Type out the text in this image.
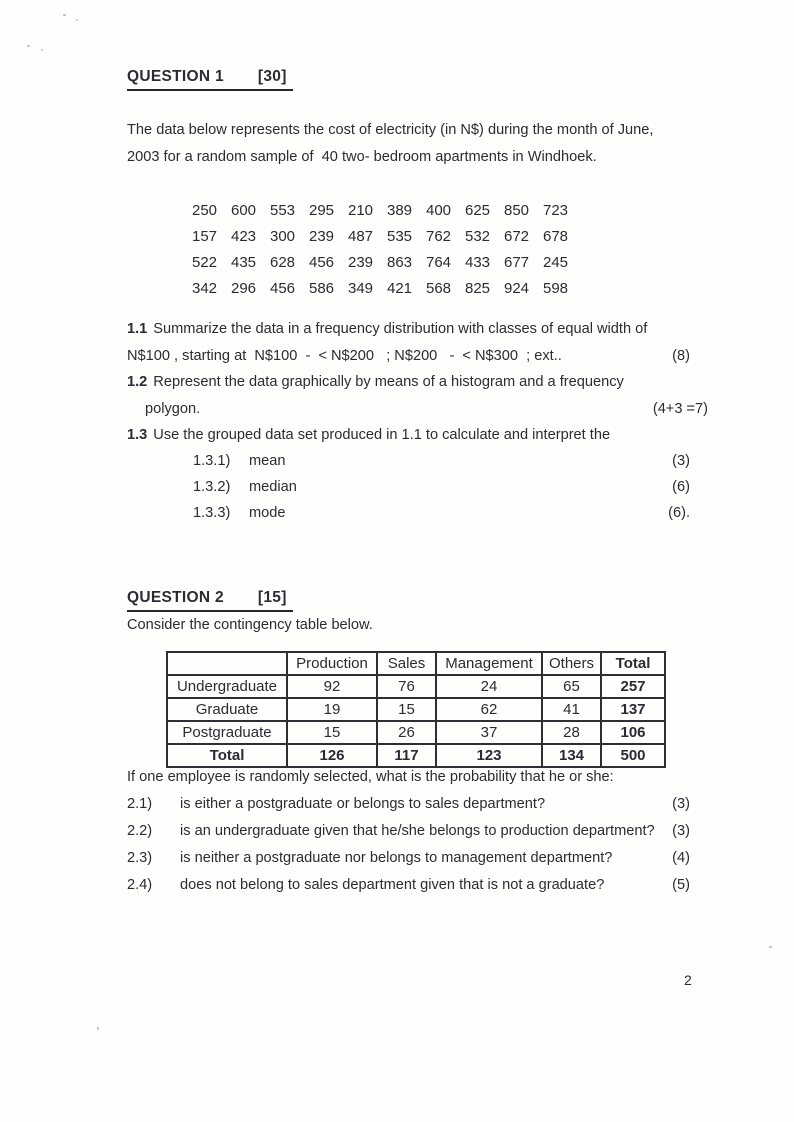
QUESTION 1 [30]
The data below represents the cost of electricity (in N$) during the month of June,
2003 for a random sample of  40 two- bedroom apartments in Windhoek.
250 600 553 295 210 389 400 625 850 723
157 423 300 239 487 535 762 532 672 678
522 435 628 456 239 863 764 433 677 245
342 296 456 586 349 421 568 825 924 598
1.1 Summarize the data in a frequency distribution with classes of equal width of
N$100 , starting at  N$100  -  < N$200   ; N$200   -  < N$300  ; ext..	(8)
1.2 Represent the data graphically by means of a histogram and a frequency
polygon.	(4+3 =7)
1.3 Use the grouped data set produced in 1.1 to calculate and interpret the
1.3.1)	mean	(3)
1.3.2)	median	(6)
1.3.3)	mode	(6).
QUESTION 2 [15]
Consider the contingency table below.
	Production	Sales	Management	Others	Total
Undergraduate	92	76	24	65	257
Graduate	19	15	62	41	137
Postgraduate	15	26	37	28	106
Total	126	117	123	134	500
If one employee is randomly selected, what is the probability that he or she:
2.1)	is either a postgraduate or belongs to sales department?	(3)
2.2)	is an undergraduate given that he/she belongs to production department? (3)
2.3)	is neither a postgraduate nor belongs to management department?	(4)
2.4)	does not belong to sales department given that is not a graduate?	(5)
2
